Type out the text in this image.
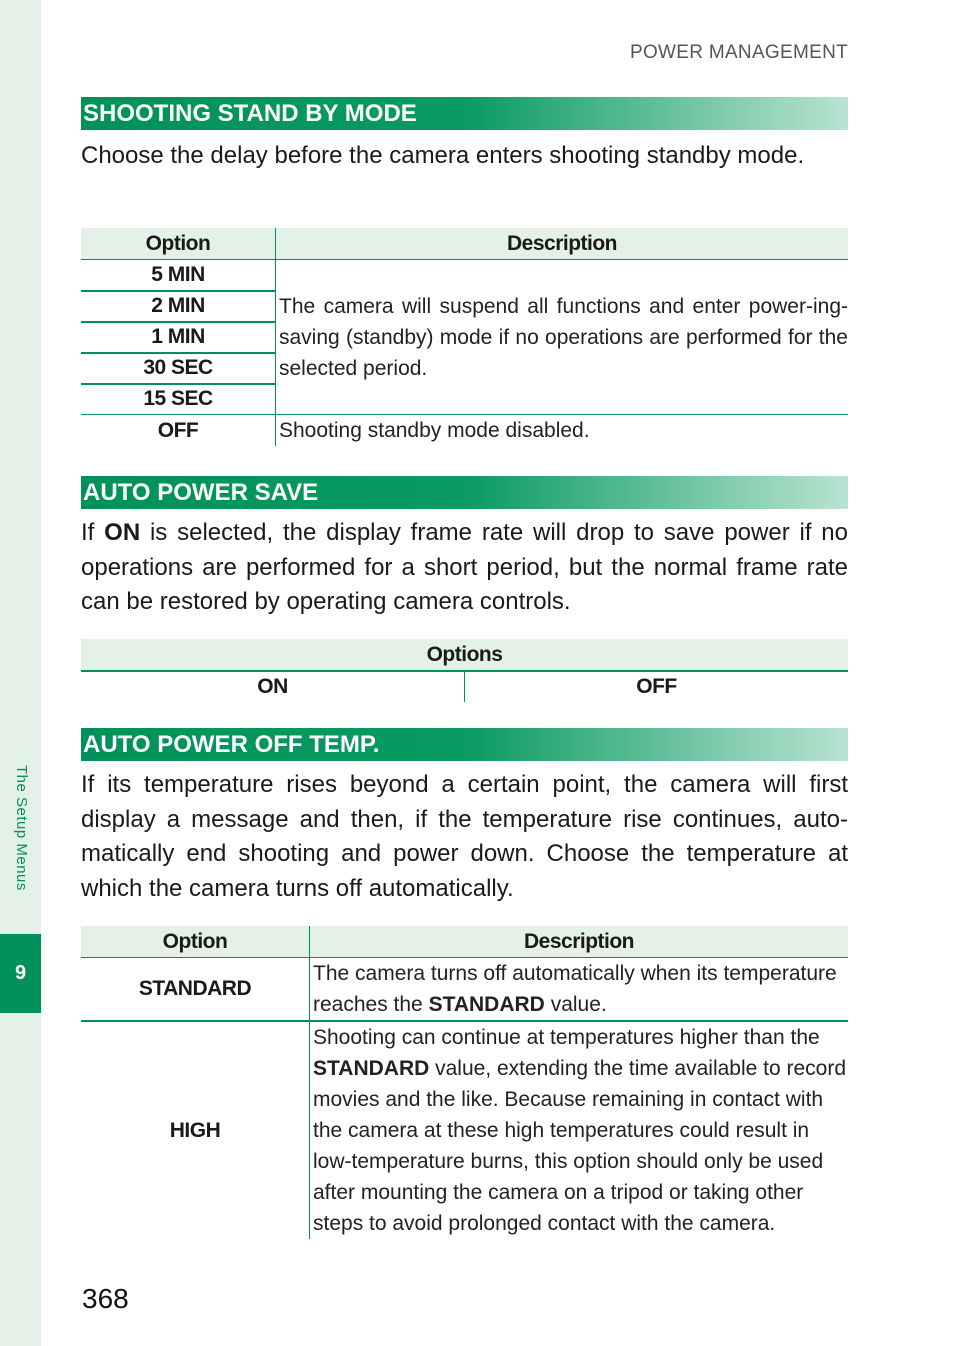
The Setup Menus
9
POWER MANAGEMENT
SHOOTING STAND BY MODE
Choose the delay before the camera enters shooting standby mode.
Option	Description
5 MIN	The camera will suspend all functions and enter power-ing-saving (standby) mode if no operations are performed for the selected period.
2 MIN	
1 MIN	
30 SEC	
15 SEC	
OFF	Shooting standby mode disabled.
AUTO POWER SAVE
If ON is selected, the display frame rate will drop to save power if no operations are performed for a short period, but the normal frame rate can be restored by operating camera controls.
Options
ON	OFF
AUTO POWER OFF TEMP.
If its temperature rises beyond a certain point, the camera will first display a message and then, if the temperature rise continues, auto-matically end shooting and power down. Choose the temperature at which the camera turns off automatically.
Option	Description
STANDARD	The camera turns off automatically when its temperature reaches the STANDARD value.
HIGH	Shooting can continue at temperatures higher than the STANDARD value, extending the time available to record movies and the like. Because remaining in contact with the camera at these high temperatures could result in low-temperature burns, this option should only be used after mounting the camera on a tripod or taking other steps to avoid prolonged contact with the camera.
368
